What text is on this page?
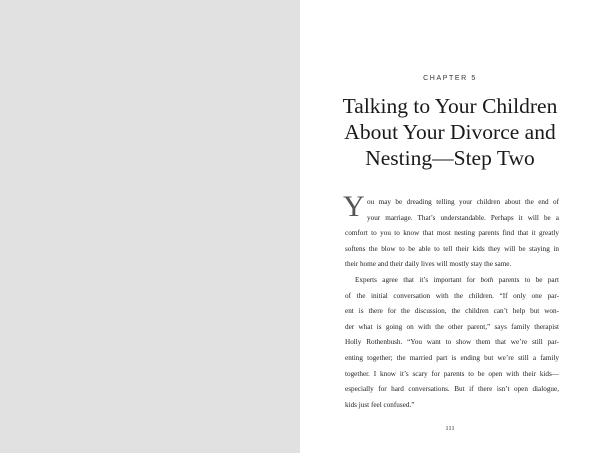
CHAPTER 5
Talking to Your Children
About Your Divorce and
Nesting—Step Two
Y ou may be dreading telling your children about the end of
your marriage. That’s understandable. Perhaps it will be a
comfort to you to know that most nesting parents find that it greatly
softens the blow to be able to tell their kids they will be staying in
their home and their daily lives will mostly stay the same.
Experts agree that it’s important for both parents to be part
of the initial conversation with the children. “If only one par-
ent is there for the discussion, the children can’t help but won-
der what is going on with the other parent,” says family therapist
Holly Rothenbush. “You want to show them that we’re still par-
enting together; the married part is ending but we’re still a family
together. I know it’s scary for parents to be open with their kids—
especially for hard conversations. But if there isn’t open dialogue,
kids just feel confused.”
111
